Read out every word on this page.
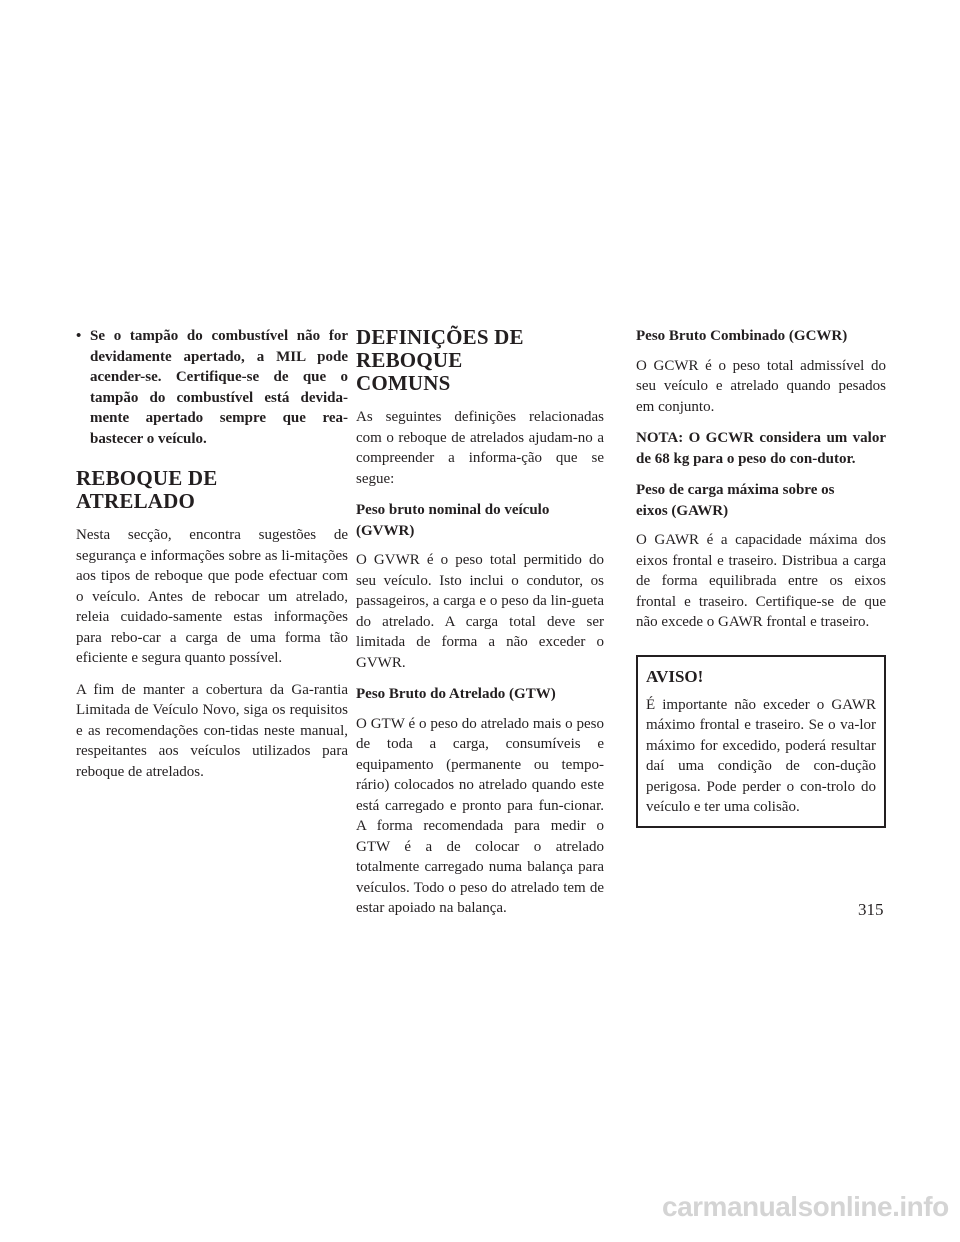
• Se o tampão do combustível não for devidamente apertado, a MIL pode acender-se. Certifique-se de que o tampão do combustível está devida-mente apertado sempre que rea-bastecer o veículo.
REBOQUE DE
ATRELADO

Nesta secção, encontra sugestões de segurança e informações sobre as li-mitações aos tipos de reboque que pode efectuar com o veículo. Antes de rebocar um atrelado, releia cuidado-samente estas informações para rebo-car a carga de uma forma tão eficiente e segura quanto possível.

A fim de manter a cobertura da Ga-rantia Limitada de Veículo Novo, siga os requisitos e as recomendações con-tidas neste manual, respeitantes aos veículos utilizados para reboque de atrelados.

DEFINIÇÕES DE REBOQUE
COMUNS

As seguintes definições relacionadas com o reboque de atrelados ajudam-no a compreender a informa-ção que se segue:

Peso bruto nominal do veículo
(GVWR)

O GVWR é o peso total permitido do seu veículo. Isto inclui o condutor, os passageiros, a carga e o peso da lin-gueta do atrelado. A carga total deve ser limitada de forma a não exceder o GVWR.

Peso Bruto do Atrelado (GTW)

O GTW é o peso do atrelado mais o peso de toda a carga, consumíveis e equipamento (permanente ou tempo-rário) colocados no atrelado quando este está carregado e pronto para fun-cionar. A forma recomendada para medir o GTW é a de colocar o atrelado totalmente carregado numa balança para veículos. Todo o peso do atrelado tem de estar apoiado na balança.

Peso Bruto Combinado (GCWR)

O GCWR é o peso total admissível do seu veículo e atrelado quando pesados em conjunto.

NOTA: O GCWR considera um valor de 68 kg para o peso do con-dutor.

Peso de carga máxima sobre os
eixos (GAWR)

O GAWR é a capacidade máxima dos eixos frontal e traseiro. Distribua a carga de forma equilibrada entre os eixos frontal e traseiro. Certifique-se de que não excede o GAWR frontal e traseiro.

AVISO!

É importante não exceder o GAWR máximo frontal e traseiro. Se o va-lor máximo for excedido, poderá resultar daí uma condição de con-dução perigosa. Pode perder o con-trolo do veículo e ter uma colisão.

315
carmanualsonline.info
